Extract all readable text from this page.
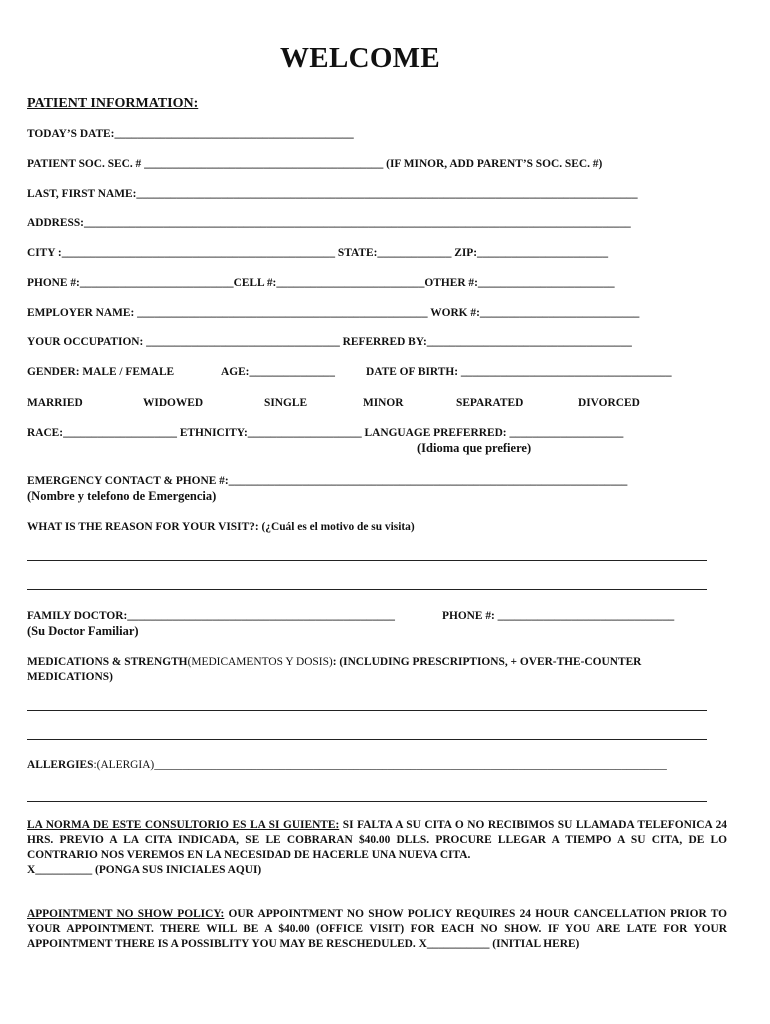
WELCOME
PATIENT INFORMATION:
TODAY’S DATE:__________________________________________
PATIENT SOC. SEC. # __________________________________________ (IF MINOR, ADD PARENT’S SOC. SEC. #)
LAST, FIRST NAME:________________________________________________________________________________________
ADDRESS:________________________________________________________________________________________________
CITY :________________________________________________ STATE:_____________ ZIP:_______________________
PHONE #:___________________________CELL #:__________________________OTHER #:________________________
EMPLOYER NAME: ___________________________________________________ WORK #:____________________________
YOUR OCCUPATION: __________________________________ REFERRED BY:____________________________________
GENDER: MALE / FEMALE	AGE:_______________	DATE OF BIRTH: _____________________________________
MARRIED	WIDOWED	SINGLE	MINOR	SEPARATED	DIVORCED
RACE:____________________ ETHNICITY:____________________ LANGUAGE PREFERRED: ____________________
(Idioma que prefiere)
EMERGENCY CONTACT & PHONE #:______________________________________________________________________
(Nombre y telefono de Emergencia)
WHAT IS THE REASON FOR YOUR VISIT?: (¿Cuál es el motivo de su visita)
FAMILY DOCTOR:_______________________________________________	PHONE #: _______________________________
(Su Doctor Familiar)
MEDICATIONS & STRENGTH(MEDICAMENTOS Y DOSIS): (INCLUDING PRESCRIPTIONS, + OVER-THE-COUNTER MEDICATIONS)
ALLERGIES:(ALERGIA)__________________________________________________________________________________________
LA NORMA DE ESTE CONSULTORIO ES LA SI GUIENTE: SI FALTA A SU CITA O NO RECIBIMOS SU LLAMADA TELEFONICA 24 HRS. PREVIO A LA CITA INDICADA, SE LE COBRARAN $40.00 DLLS. PROCURE LLEGAR A TIEMPO A SU CITA, DE LO CONTRARIO NOS VEREMOS EN LA NECESIDAD DE HACERLE UNA NUEVA CITA.
X__________ (PONGA SUS INICIALES AQUI)
APPOINTMENT NO SHOW POLICY: OUR APPOINTMENT NO SHOW POLICY REQUIRES 24 HOUR CANCELLATION PRIOR TO YOUR APPOINTMENT. THERE WILL BE A $40.00 (OFFICE VISIT) FOR EACH NO SHOW. IF YOU ARE LATE FOR YOUR APPOINTMENT THERE IS A POSSIBLITY YOU MAY BE RESCHEDULED. X___________ (INITIAL HERE)
